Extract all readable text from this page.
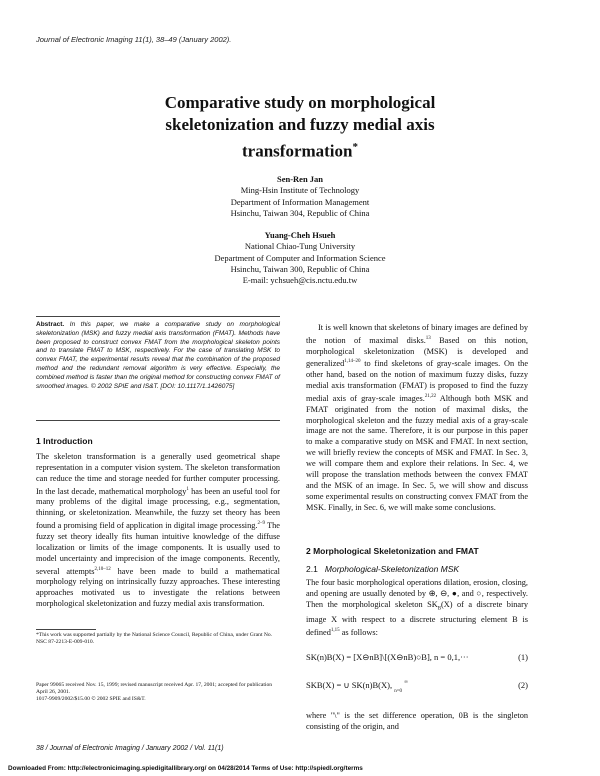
Journal of Electronic Imaging 11(1), 38–49 (January 2002).
Comparative study on morphological
skeletonization and fuzzy medial axis
transformation*
Sen-Ren Jan
Ming-Hsin Institute of Technology
Department of Information Management
Hsinchu, Taiwan 304, Republic of China
Yuang-Cheh Hsueh
National Chiao-Tung University
Department of Computer and Information Science
Hsinchu, Taiwan 300, Republic of China
E-mail: ychsueh@cis.nctu.edu.tw
Abstract. In this paper, we make a comparative study on morphological skeletonization (MSK) and fuzzy medial axis transformation (FMAT). Methods have been proposed to construct convex FMAT from the morphological skeleton points and to translate FMAT to MSK, respectively. For the case of translating MSK to convex FMAT, the experimental results reveal that the combination of the proposed method and the redundant removal algorithm is very effective. Especially, the combined method is faster than the original method for constructing convex FMAT of smoothed images. © 2002 SPIE and IS&T. [DOI: 10.1117/1.1426075]
1 Introduction
The skeleton transformation is a generally used geometrical shape representation in a computer vision system. The skeleton transformation can reduce the time and storage needed for further computer processing. In the last decade, mathematical morphology$^1$ has been an useful tool for many problems of the digital image processing, e.g., segmentation, thinning, or skeletonization. Meanwhile, the fuzzy set theory has been found a promising field of application in digital image processing.$^{2-9}$ The fuzzy set theory ideally fits human intuitive knowledge of the diffuse localization or limits of the image components. It is usually used to model uncertainty and imprecision of the image components. Recently, several attempts$^{2,10-12}$ have been made to build a mathematical morphology relying on intrinsically fuzzy approaches. These interesting approaches motivated us to investigate the relations between morphological skeletonization and fuzzy medial axis transformation.
*This work was supported partially by the National Science Council, Republic of China, under Grant No. NSC 87-2213-E-009-010.
Paper 99065 received Nov. 15, 1999; revised manuscript received Apr. 17, 2001; accepted for publication April 26, 2001.
1017-9909/2002/$15.00 © 2002 SPIE and IS&T.
It is well known that skeletons of binary images are defined by the notion of maximal disks.$^{13}$ Based on this notion, morphological skeletonization (MSK) is developed and generalized$^{1,14-20}$ to find skeletons of gray-scale images. On the other hand, based on the notion of maximum fuzzy disks, fuzzy medial axis transformation (FMAT) is proposed to find the fuzzy medial axis of gray-scale images.$^{21,22}$ Although both MSK and FMAT originated from the notion of maximal disks, the morphological skeleton and the fuzzy medial axis of a gray-scale image are not the same. Therefore, it is our purpose in this paper to make a comparative study on MSK and FMAT. In next section, we will briefly review the concepts of MSK and FMAT. In Sec. 3, we will compare them and explore their relations. In Sec. 4, we will propose the translation methods between the convex FMAT and the MSK of an image. In Sec. 5, we will show and discuss some experimental results on constructing convex FMAT from the MSK. Finally, in Sec. 6, we will make some conclusions.
2 Morphological Skeletonization and FMAT
2.1 Morphological-Skeletonization MSK
The four basic morphological operations dilation, erosion, closing, and opening are usually denoted by ⊕, ⊖, ●, and ○, respectively. Then the morphological skeleton $SK_B(X)$ of a discrete binary image X with respect to a discrete structuring element B is defined$^{1,15}$ as follows:
SK(n)B(X) = [X⊖nB]\[(X⊖nB)○B], n = 0,1,···	(1)
SKB(X) = ∪ SK(n)B(X), $_{n=0}$ ∞	(2)
where "\" is the set difference operation, 0B is the singleton consisting of the origin, and
38 / Journal of Electronic Imaging / January 2002 / Vol. 11(1)
Downloaded From: http://electronicimaging.spiedigitallibrary.org/ on 04/28/2014 Terms of Use: http://spiedl.org/terms
